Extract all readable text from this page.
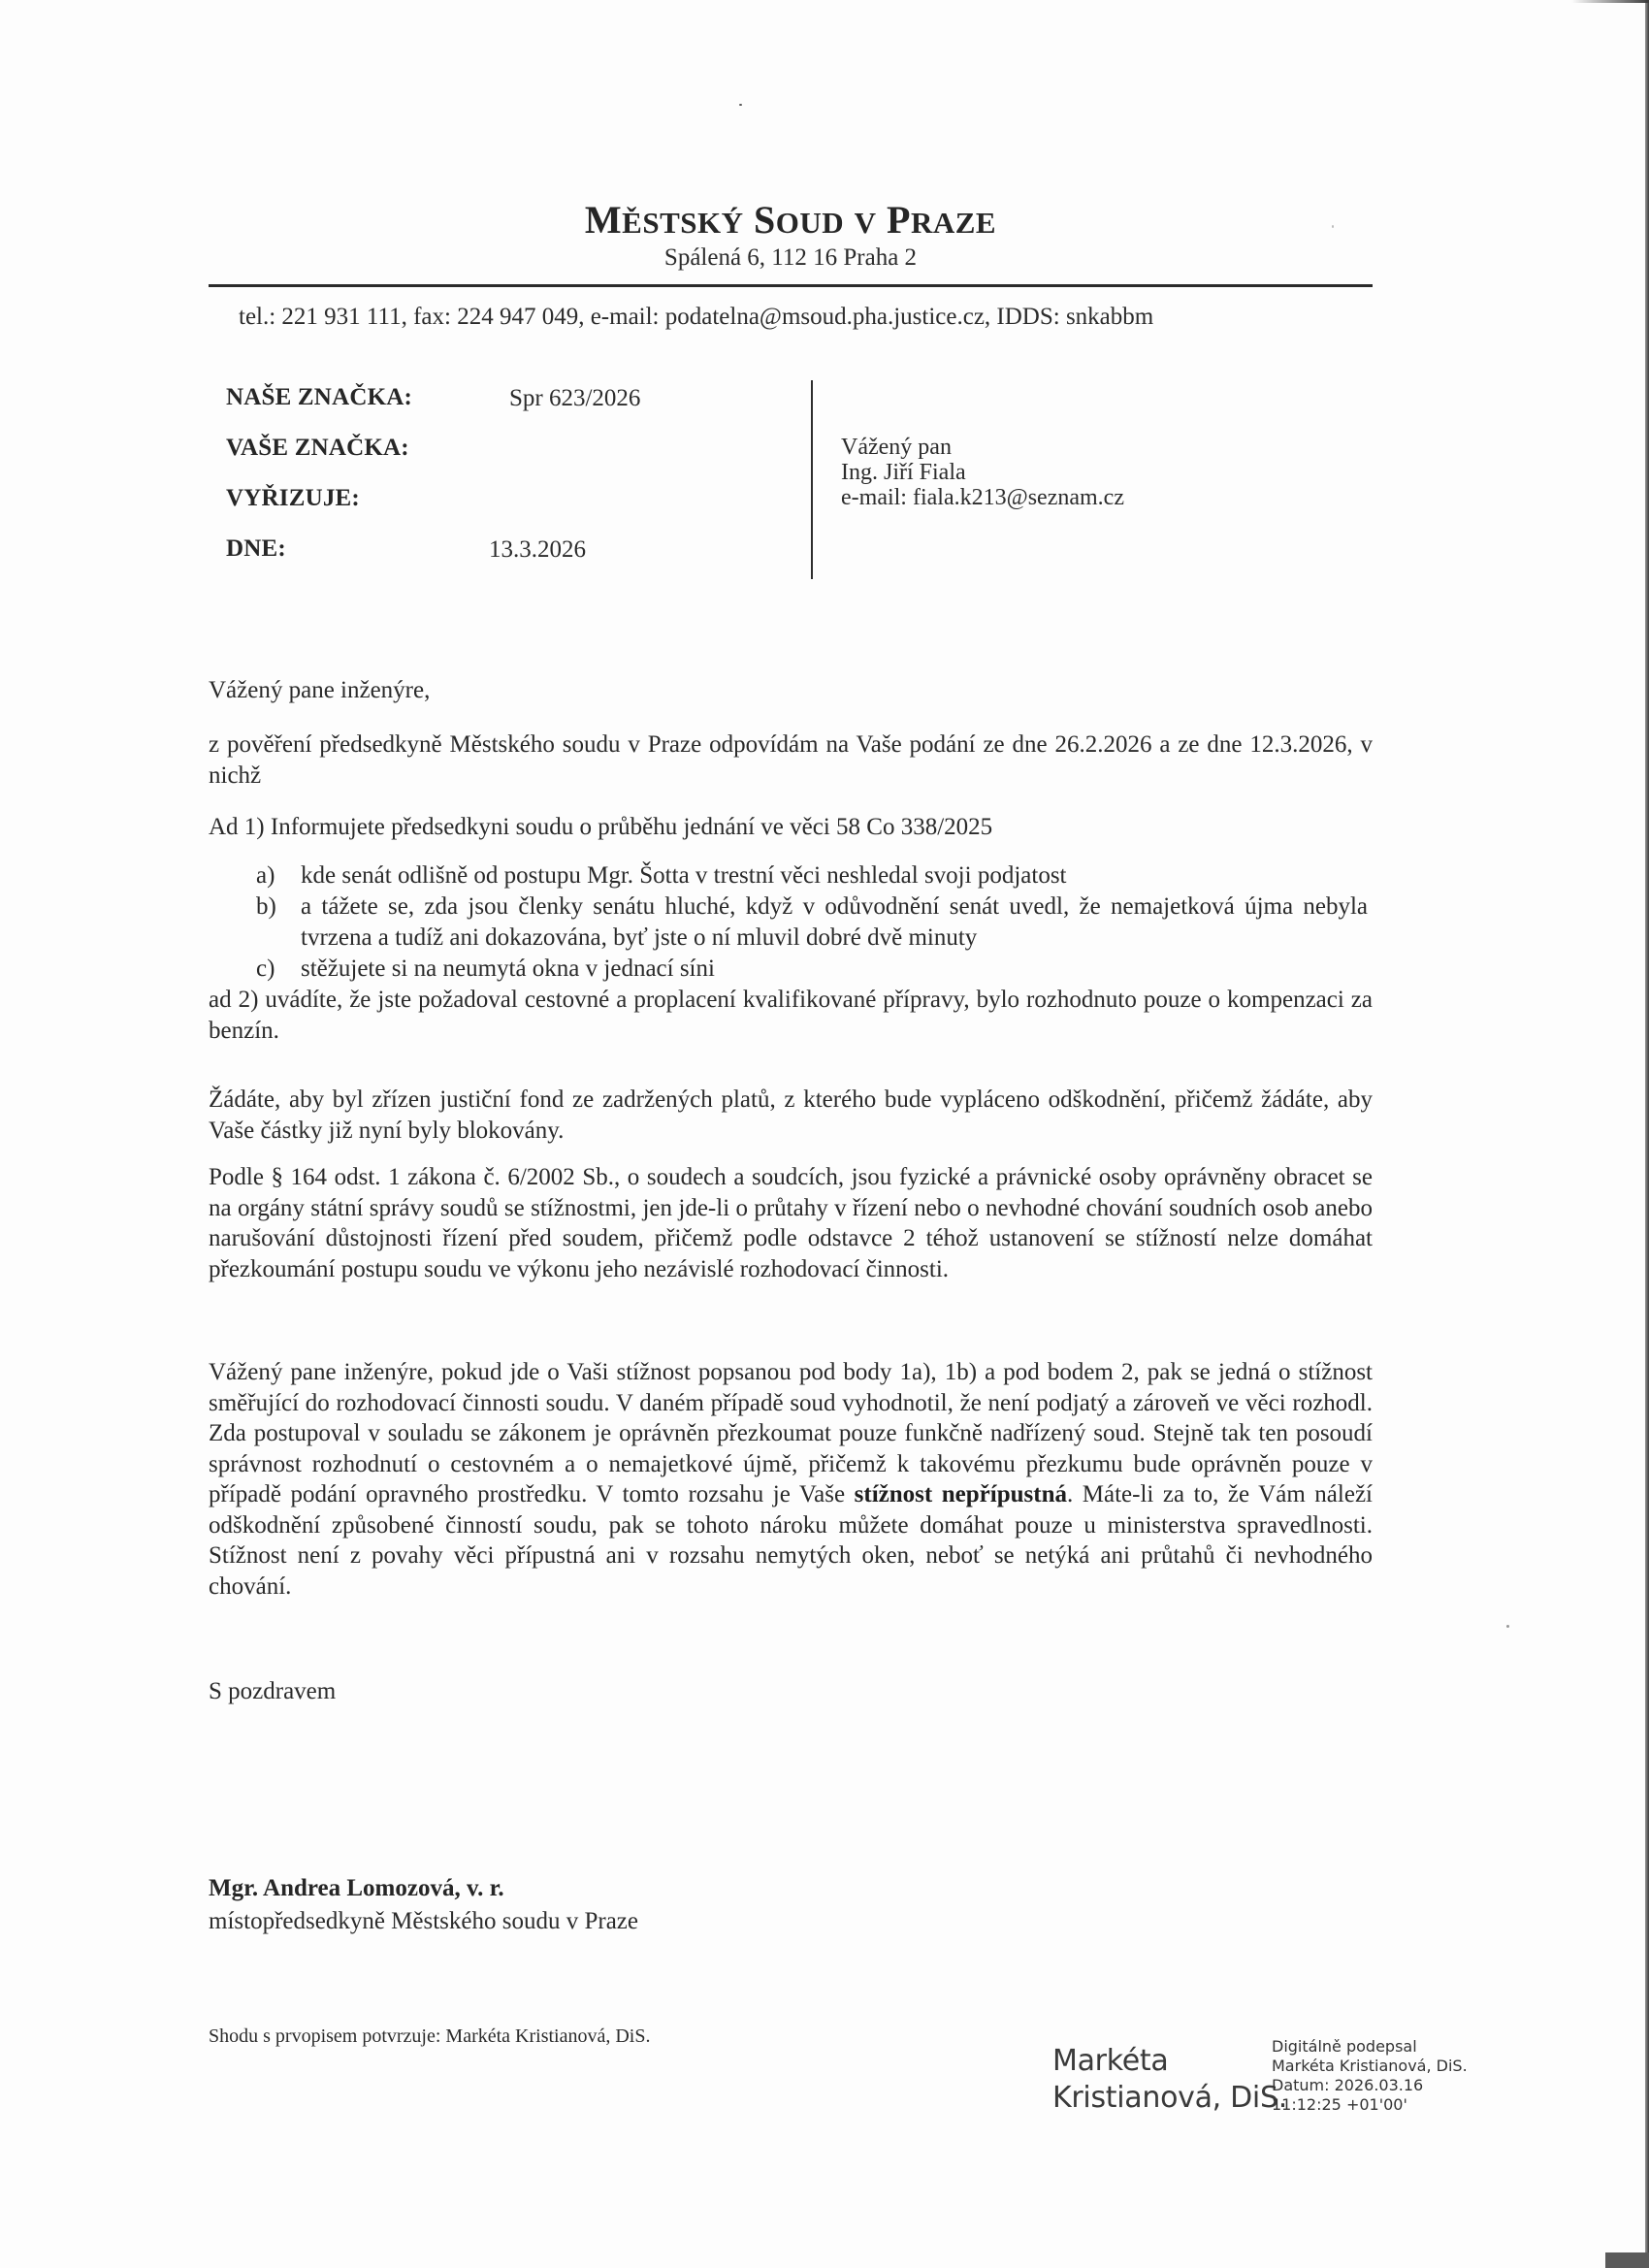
MĚSTSKÝ SOUD V PRAZE
Spálená 6, 112 16 Praha 2
tel.: 221 931 111, fax: 224 947 049, e-mail: podatelna@msoud.pha.justice.cz, IDDS: snkabbm
NAŠE ZNAČKA:	Spr 623/2026
VAŠE ZNAČKA:
VYŘIZUJE:
DNE:	13.3.2026
Vážený pan
Ing. Jiří Fiala
e-mail: fiala.k213@seznam.cz
Vážený pane inženýre,
z pověření předsedkyně Městského soudu v Praze odpovídám na Vaše podání ze dne 26.2.2026 a ze dne 12.3.2026, v nichž
Ad 1) Informujete předsedkyni soudu o průběhu jednání ve věci 58 Co 338/2025
a) kde senát odlišně od postupu Mgr. Šotta v trestní věci neshledal svoji podjatost
b) a tážete se, zda jsou členky senátu hluché, když v odůvodnění senát uvedl, že nemajetková újma nebyla tvrzena a tudíž ani dokazována, byť jste o ní mluvil dobré dvě minuty
c) stěžujete si na neumytá okna v jednací síni
ad 2) uvádíte, že jste požadoval cestovné a proplacení kvalifikované přípravy, bylo rozhodnuto pouze o kompenzaci za benzín.
Žádáte, aby byl zřízen justiční fond ze zadržených platů, z kterého bude vypláceno odškodnění, přičemž žádáte, aby Vaše částky již nyní byly blokovány.
Podle § 164 odst. 1 zákona č. 6/2002 Sb., o soudech a soudcích, jsou fyzické a právnické osoby oprávněny obracet se na orgány státní správy soudů se stížnostmi, jen jde-li o průtahy v řízení nebo o nevhodné chování soudních osob anebo narušování důstojnosti řízení před soudem, přičemž podle odstavce 2 téhož ustanovení se stížností nelze domáhat přezkoumání postupu soudu ve výkonu jeho nezávislé rozhodovací činnosti.
Vážený pane inženýre, pokud jde o Vaši stížnost popsanou pod body 1a), 1b) a pod bodem 2, pak se jedná o stížnost směřující do rozhodovací činnosti soudu. V daném případě soud vyhodnotil, že není podjatý a zároveň ve věci rozhodl. Zda postupoval v souladu se zákonem je oprávněn přezkoumat pouze funkčně nadřízený soud. Stejně tak ten posoudí správnost rozhodnutí o cestovném a o nemajetkové újmě, přičemž k takovému přezkumu bude oprávněn pouze v případě podání opravného prostředku. V tomto rozsahu je Vaše stížnost nepřípustná. Máte-li za to, že Vám náleží odškodnění způsobené činností soudu, pak se tohoto nároku můžete domáhat pouze u ministerstva spravedlnosti. Stížnost není z povahy věci přípustná ani v rozsahu nemytých oken, neboť se netýká ani průtahů či nevhodného chování.
S pozdravem
Mgr. Andrea Lomozová, v. r.
místopředsedkyně Městského soudu v Praze
Shodu s prvopisem potvrzuje: Markéta Kristianová, DiS.
Markéta
Kristianová, DiS.
Digitálně podepsal
Markéta Kristianová, DiS.
Datum: 2026.03.16
11:12:25 +01'00'
